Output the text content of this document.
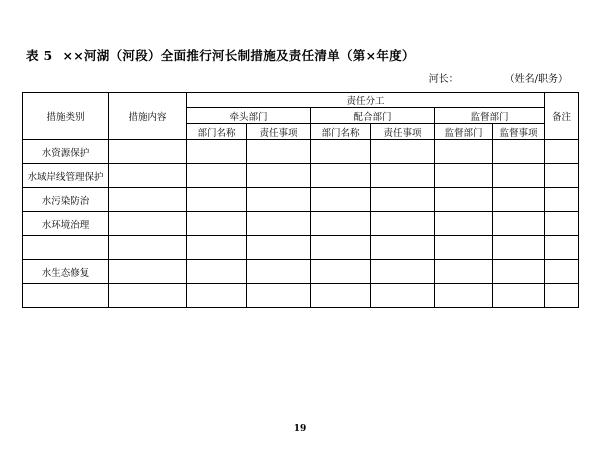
表 5 ××河湖（河段）全面推行河长制措施及责任清单（第×年度）
河长：	（姓名/职务）
措施类别	措施内容	责任分工						备注
		牵头部门		配合部门		监督部门		
		部门名称	责任事项	部门名称	责任事项	监督部门	监督事项	
水资源保护								
水域岸线管理保护								
水污染防治								
水环境治理								

水生态修复								

19
